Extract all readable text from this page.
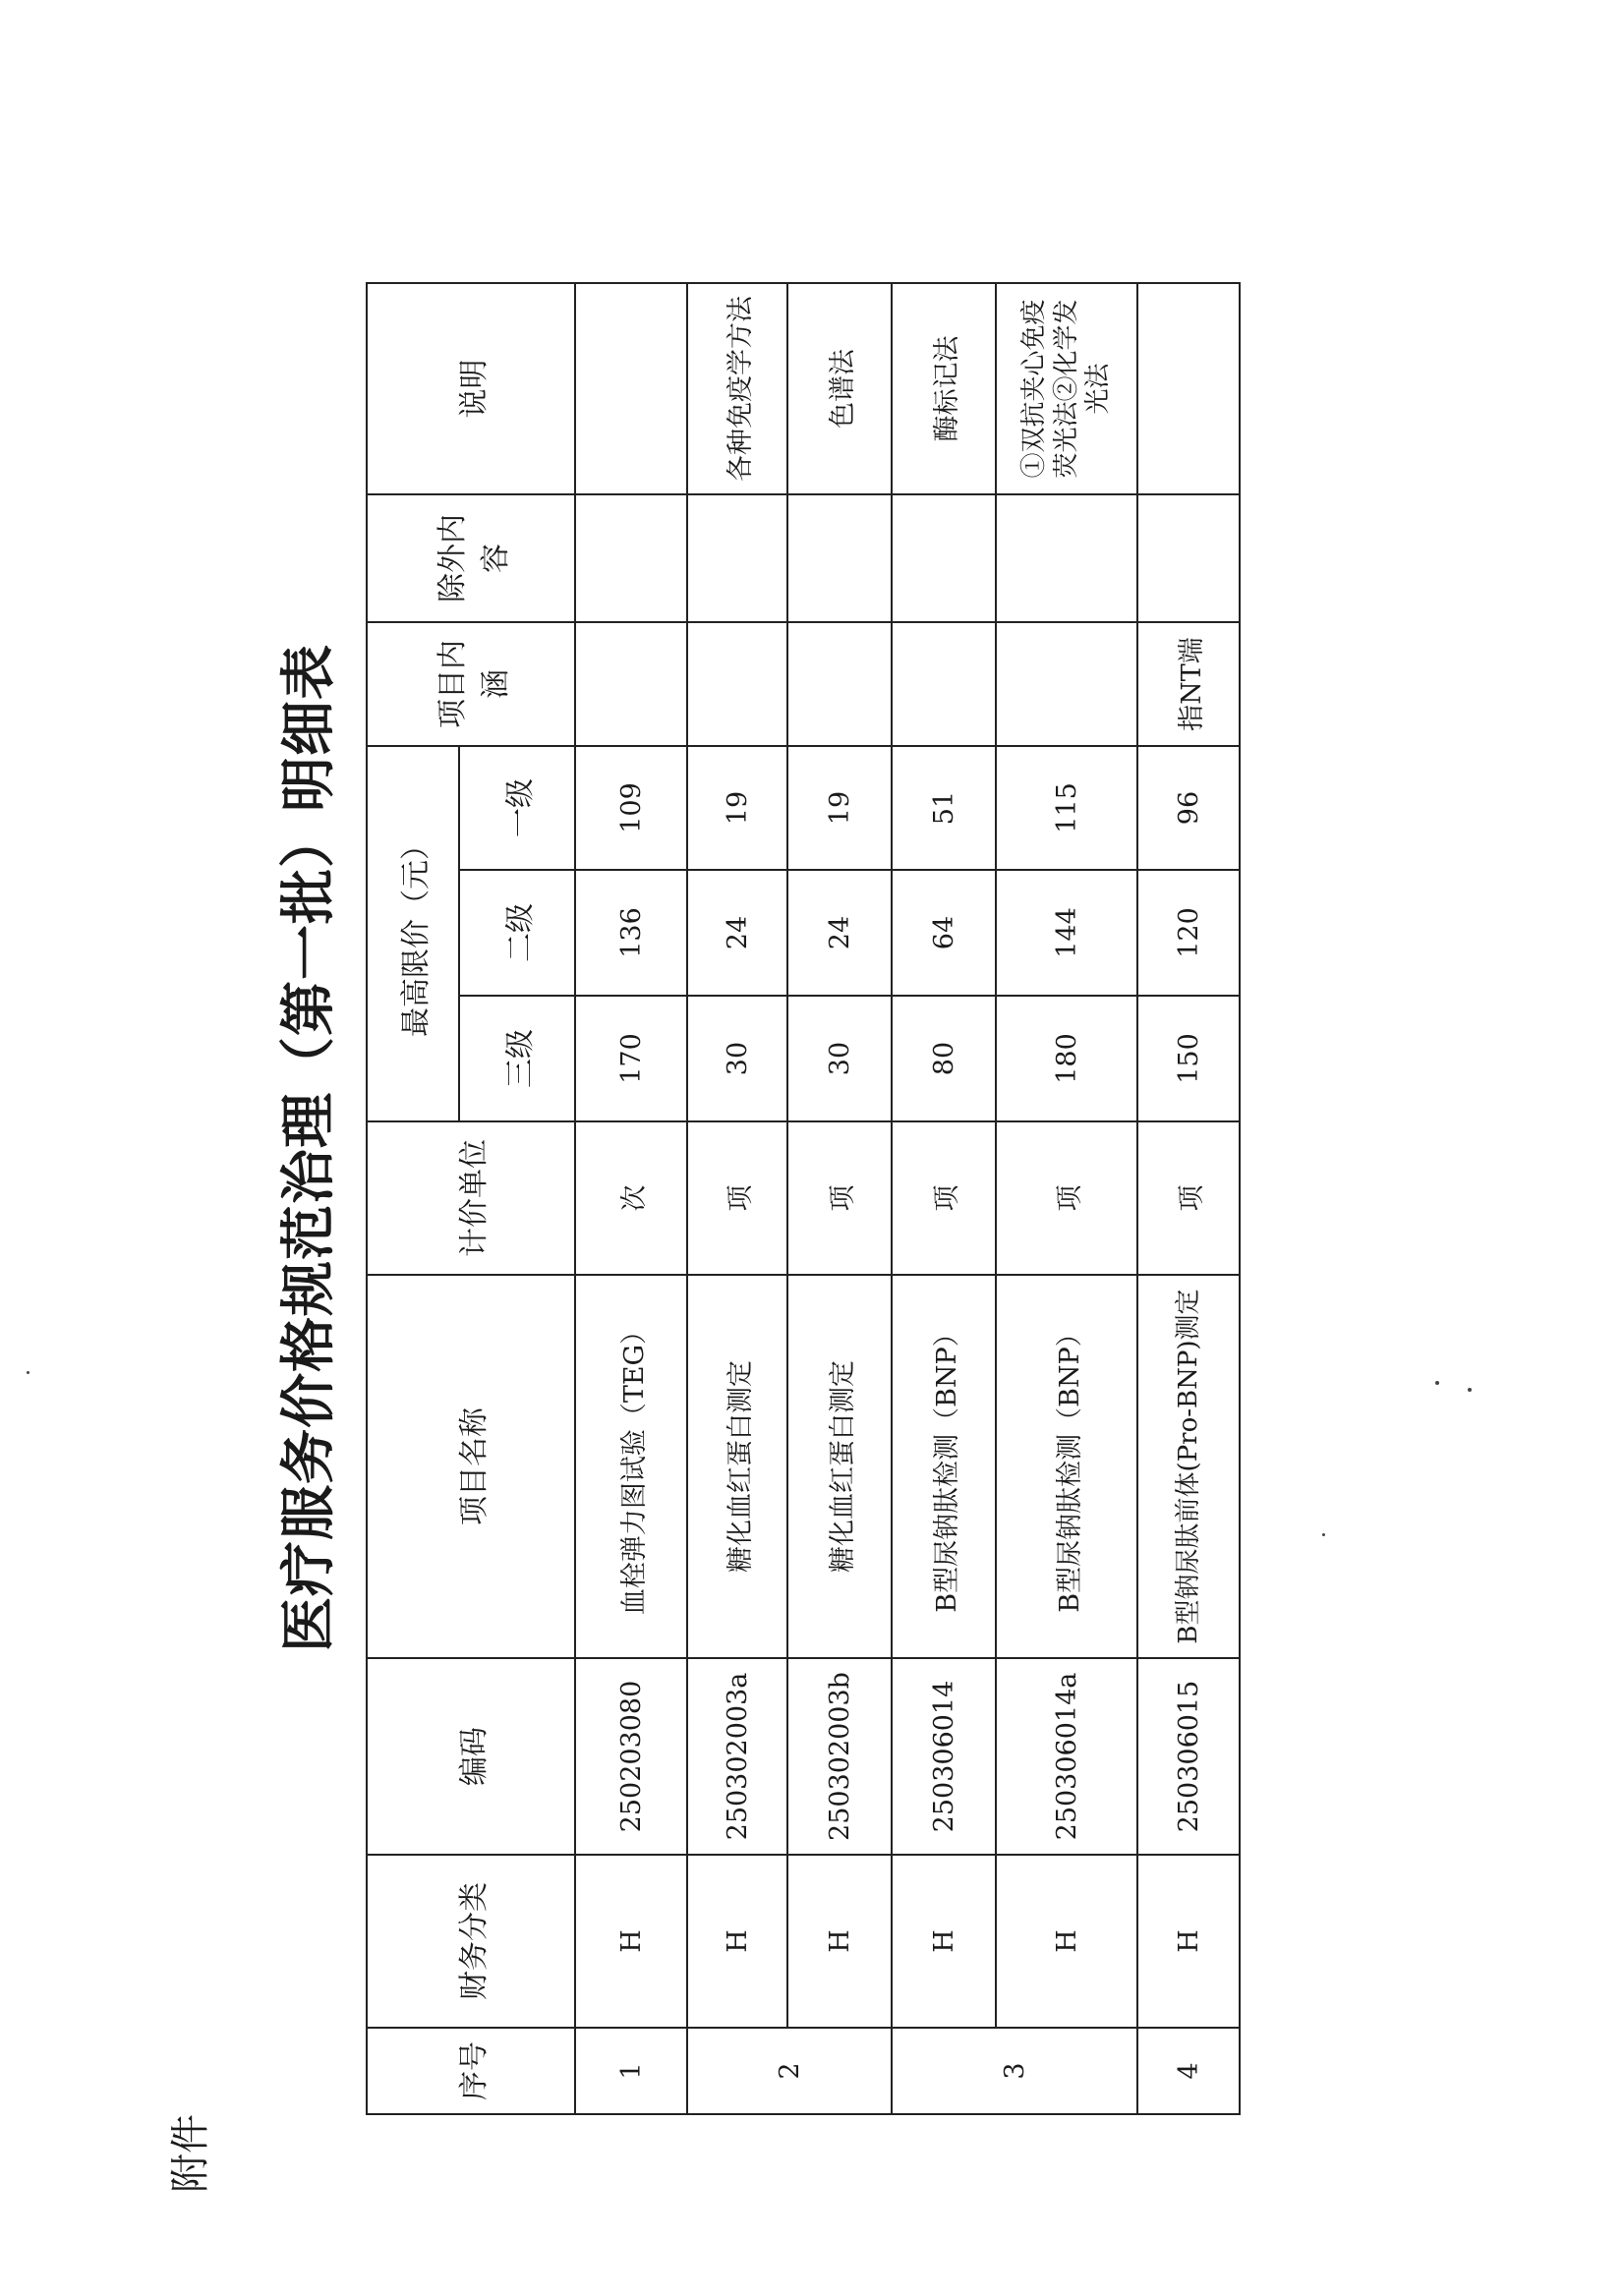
附件
医疗服务价格规范治理（第一批）明细表
序号	财务分类	编码	项目名称	计价单位	最高限价（元）			项目内涵	除外内容	说明
					三级	二级	一级			
1	H	250203080	血栓弹力图试验（TEG）	次	170	136	109			
2	H	250302003a	糖化血红蛋白测定	项	30	24	19			各种免疫学方法
	H	250302003b	糖化血红蛋白测定	项	30	24	19			色谱法
3	H	250306014	B型尿钠肽检测（BNP）	项	80	64	51			酶标记法
	H	250306014a	B型尿钠肽检测（BNP）	项	180	144	115			①双抗夹心免疫荧光法②化学发光法
4	H	250306015	B型钠尿肽前体(Pro-BNP)测定	项	150	120	96	指NT端		
